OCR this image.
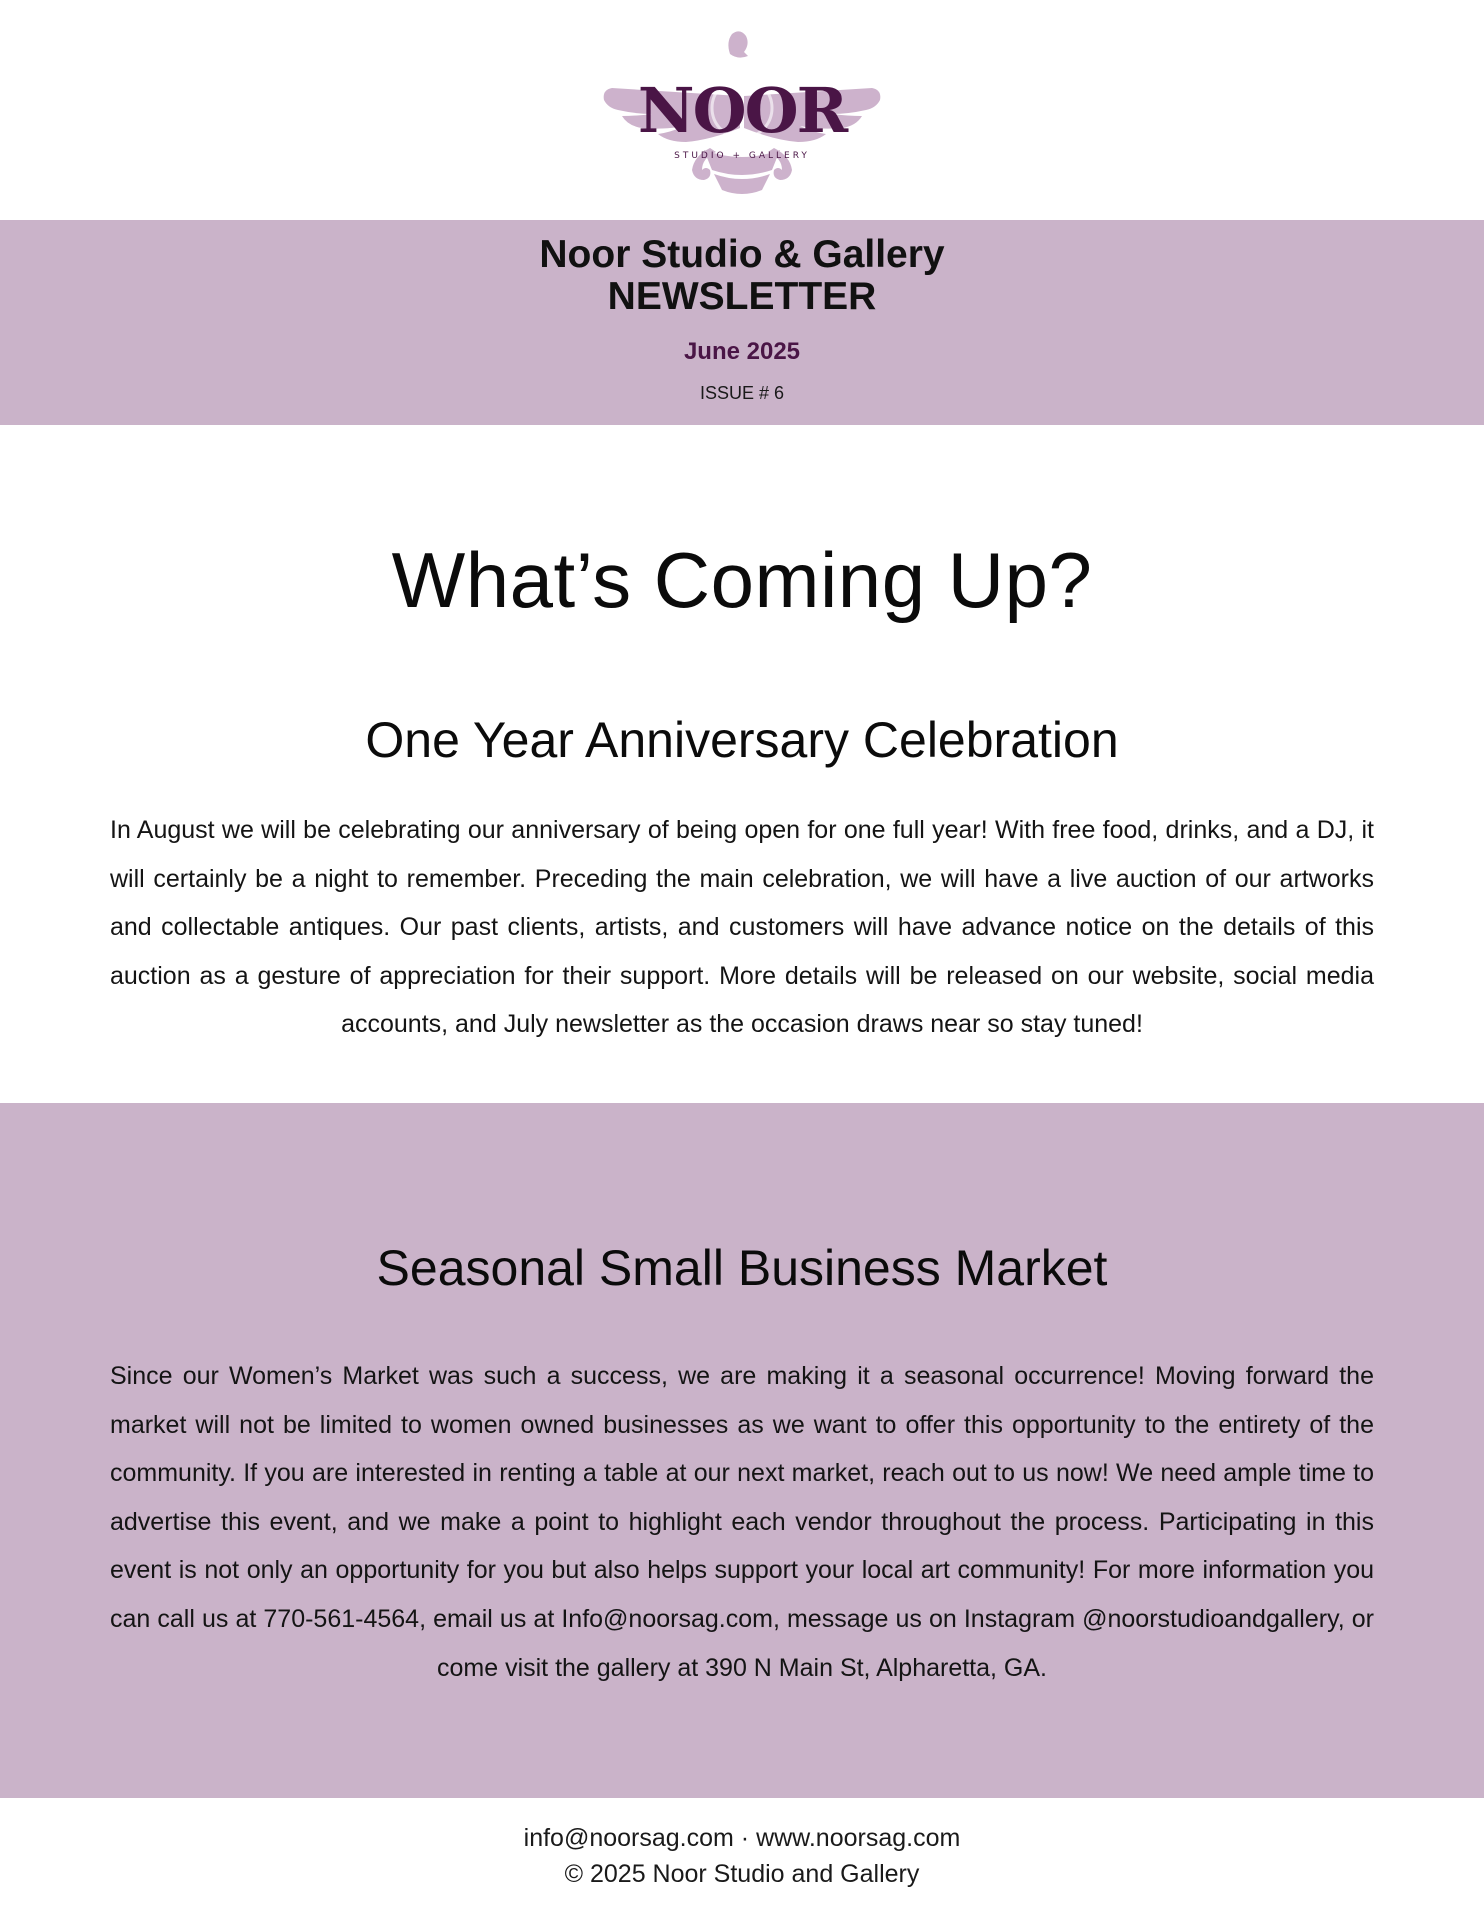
NOOR
STUDIO + GALLERY
Noor Studio & Gallery
NEWSLETTER
June 2025
ISSUE # 6
What’s Coming Up?
One Year Anniversary Celebration

In August we will be celebrating our anniversary of being open for one full year! With free food, drinks, and a DJ, it will certainly be a night to remember. Preceding the main celebration, we will have a live auction of our artworks and collectable antiques. Our past clients, artists, and customers will have advance notice on the details of this auction as a gesture of appreciation for their support. More details will be released on our website, social media accounts, and July newsletter as the occasion draws near so stay tuned!

Seasonal Small Business Market

Since our Women’s Market was such a success, we are making it a seasonal occurrence! Moving forward the market will not be limited to women owned businesses as we want to offer this opportunity to the entirety of the community. If you are interested in renting a table at our next market, reach out to us now! We need ample time to advertise this event, and we make a point to highlight each vendor throughout the process. Participating in this event is not only an opportunity for you but also helps support your local art community! For more information you can call us at 770-561-4564, email us at Info@noorsag.com, message us on Instagram @noorstudioandgallery, or come visit the gallery at 390 N Main St, Alpharetta, GA.

info@noorsag.com · www.noorsag.com
© 2025 Noor Studio and Gallery
